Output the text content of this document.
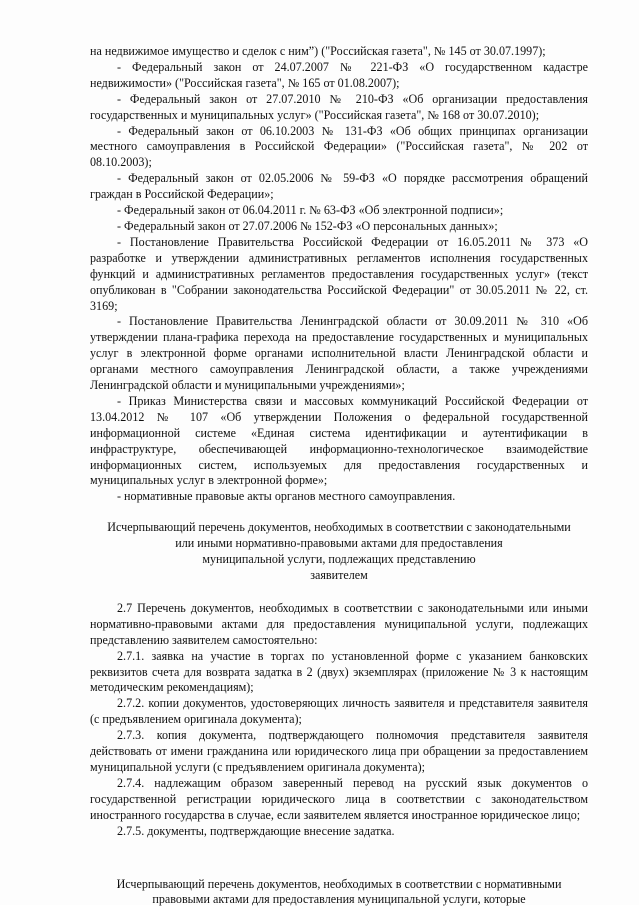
на недвижимое имущество и сделок с ним”) ("Российская газета", № 145 от 30.07.1997);

- Федеральный закон от 24.07.2007 № 221-ФЗ «О государственном кадастре недвижимости» ("Российская газета", № 165 от 01.08.2007);

- Федеральный закон от 27.07.2010 № 210-ФЗ «Об организации предоставления государственных и муниципальных услуг» ("Российская газета", № 168 от 30.07.2010);

- Федеральный закон от 06.10.2003 № 131-ФЗ «Об общих принципах организации местного самоуправления в Российской Федерации» ("Российская газета", № 202 от 08.10.2003);

- Федеральный закон от 02.05.2006 № 59-ФЗ «О порядке рассмотрения обращений граждан в Российской Федерации»;

- Федеральный закон от 06.04.2011 г. № 63-ФЗ «Об электронной подписи»;

- Федеральный закон от 27.07.2006 № 152-ФЗ «О персональных данных»;

- Постановление Правительства Российской Федерации от 16.05.2011 № 373 «О разработке и утверждении административных регламентов исполнения государственных функций и административных регламентов предоставления государственных услуг» (текст опубликован в "Собрании законодательства Российской Федерации" от 30.05.2011 № 22, ст. 3169;

- Постановление Правительства Ленинградской области от 30.09.2011 № 310 «Об утверждении плана-графика перехода на предоставление государственных и муниципальных услуг в электронной форме органами исполнительной власти Ленинградской области и органами местного самоуправления Ленинградской области, а также учреждениями Ленинградской области и муниципальными учреждениями»;

- Приказ Министерства связи и массовых коммуникаций Российской Федерации от 13.04.2012 № 107 «Об утверждении Положения о федеральной государственной информационной системе «Единая система идентификации и аутентификации в инфраструктуре, обеспечивающей информационно-технологическое взаимодействие информационных систем, используемых для предоставления государственных и муниципальных услуг в электронной форме»;

- нормативные правовые акты органов местного самоуправления.

Исчерпывающий перечень документов, необходимых в соответствии с законодательными

или иными нормативно-правовыми актами для предоставления

муниципальной услуги, подлежащих представлению

заявителем

2.7 Перечень документов, необходимых в соответствии с законодательными или иными нормативно-правовыми актами для предоставления муниципальной услуги, подлежащих представлению заявителем самостоятельно:

2.7.1. заявка на участие в торгах по установленной форме с указанием банковских реквизитов счета для возврата задатка в 2 (двух) экземплярах (приложение № 3 к настоящим методическим рекомендациям);

2.7.2. копии документов, удостоверяющих личность заявителя и представителя заявителя (с предъявлением оригинала документа);

2.7.3. копия документа, подтверждающего полномочия представителя заявителя действовать от имени гражданина или юридического лица при обращении за предоставлением муниципальной услуги (с предъявлением оригинала документа);

2.7.4. надлежащим образом заверенный перевод на русский язык документов о государственной регистрации юридического лица в соответствии с законодательством иностранного государства в случае, если заявителем является иностранное юридическое лицо;

2.7.5. документы, подтверждающие внесение задатка.

Исчерпывающий перечень документов, необходимых в соответствии с нормативными

правовыми актами для предоставления муниципальной услуги, которые
